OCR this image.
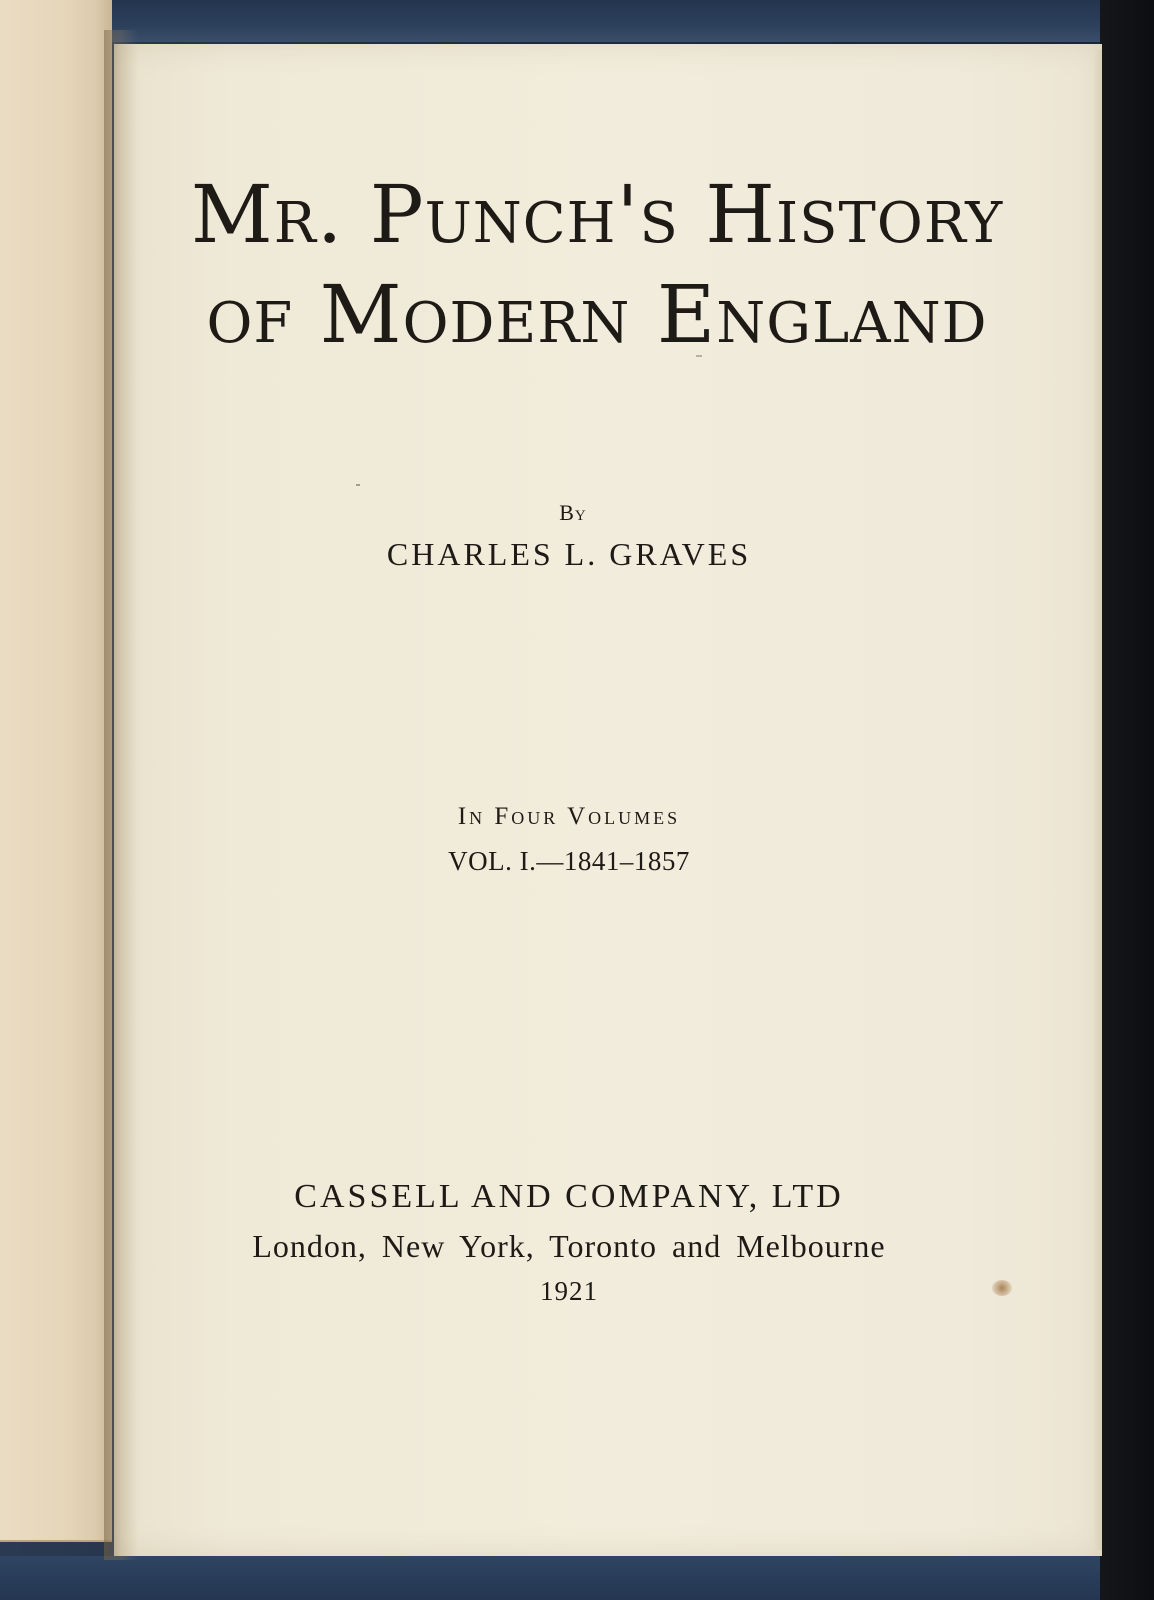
Mr. Punch's History
of Modern England
By
CHARLES L. GRAVES
In Four Volumes
VOL. I.—1841–1857
CASSELL AND COMPANY, LTD
London, New York, Toronto and Melbourne
1921
